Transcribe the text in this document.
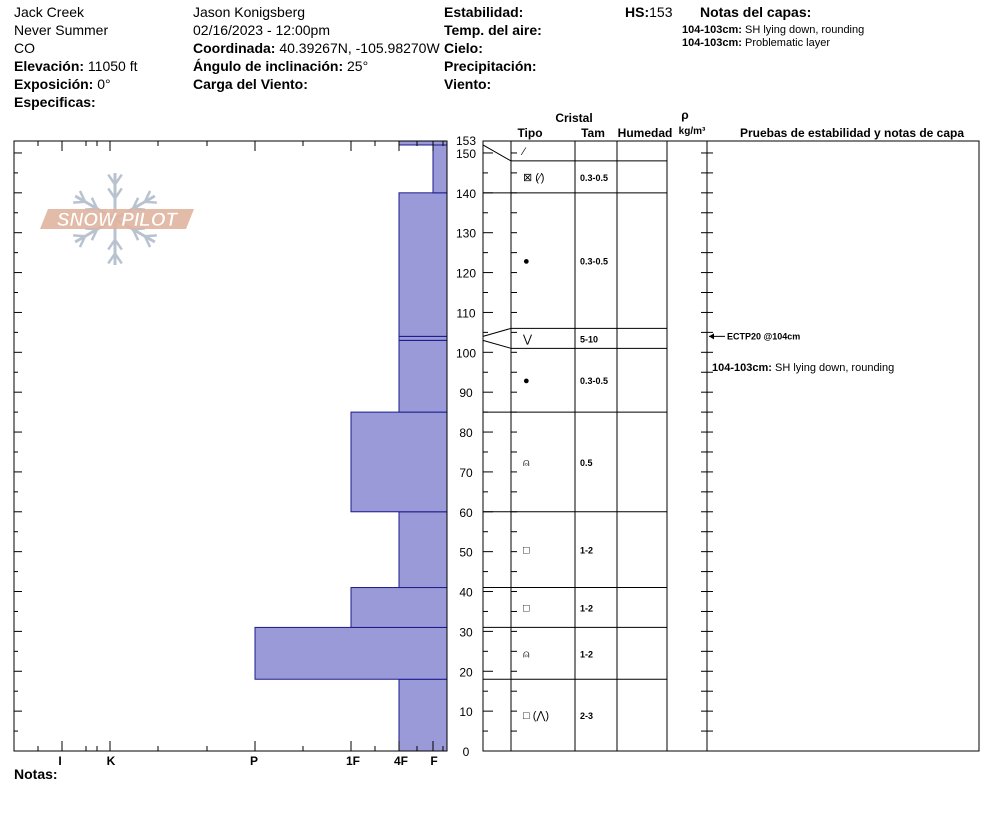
Jack Creek
Never Summer
CO
Elevación: 11050 ft
Exposición: 0°
Especificas:
Jason Konigsberg
02/16/2023 - 12:00pm
Coordinada: 40.39267N, -105.98270W
Ángulo de inclinación: 25°
Carga del Viento:
Estabilidad:
Temp. del aire:
Cielo:
Precipitación:
Viento:
HS:153 Notas del capas:
104-103cm: SH lying down, rounding
104-103cm: Problematic layer
Cristal
Tipo	Tam Humedad
ρ
kg/m³	Pruebas de estabilidad y notas de capa
SNOW PILOT
I	K	P	1F	4F F
0
10
20
30
40
50
60
70
80
90
100
110
120
130
140
150
153
□ (⋀)	2-3
⍝	1-2
□	1-2
□	1-2
⍝	0.5
●	0.3-0.5
⋁	5-10
●	0.3-0.5
⊠ (⁄)	0.3-0.5
⁄
ECTP20 @104cm
104-103cm: SH lying down, rounding
Notas:
